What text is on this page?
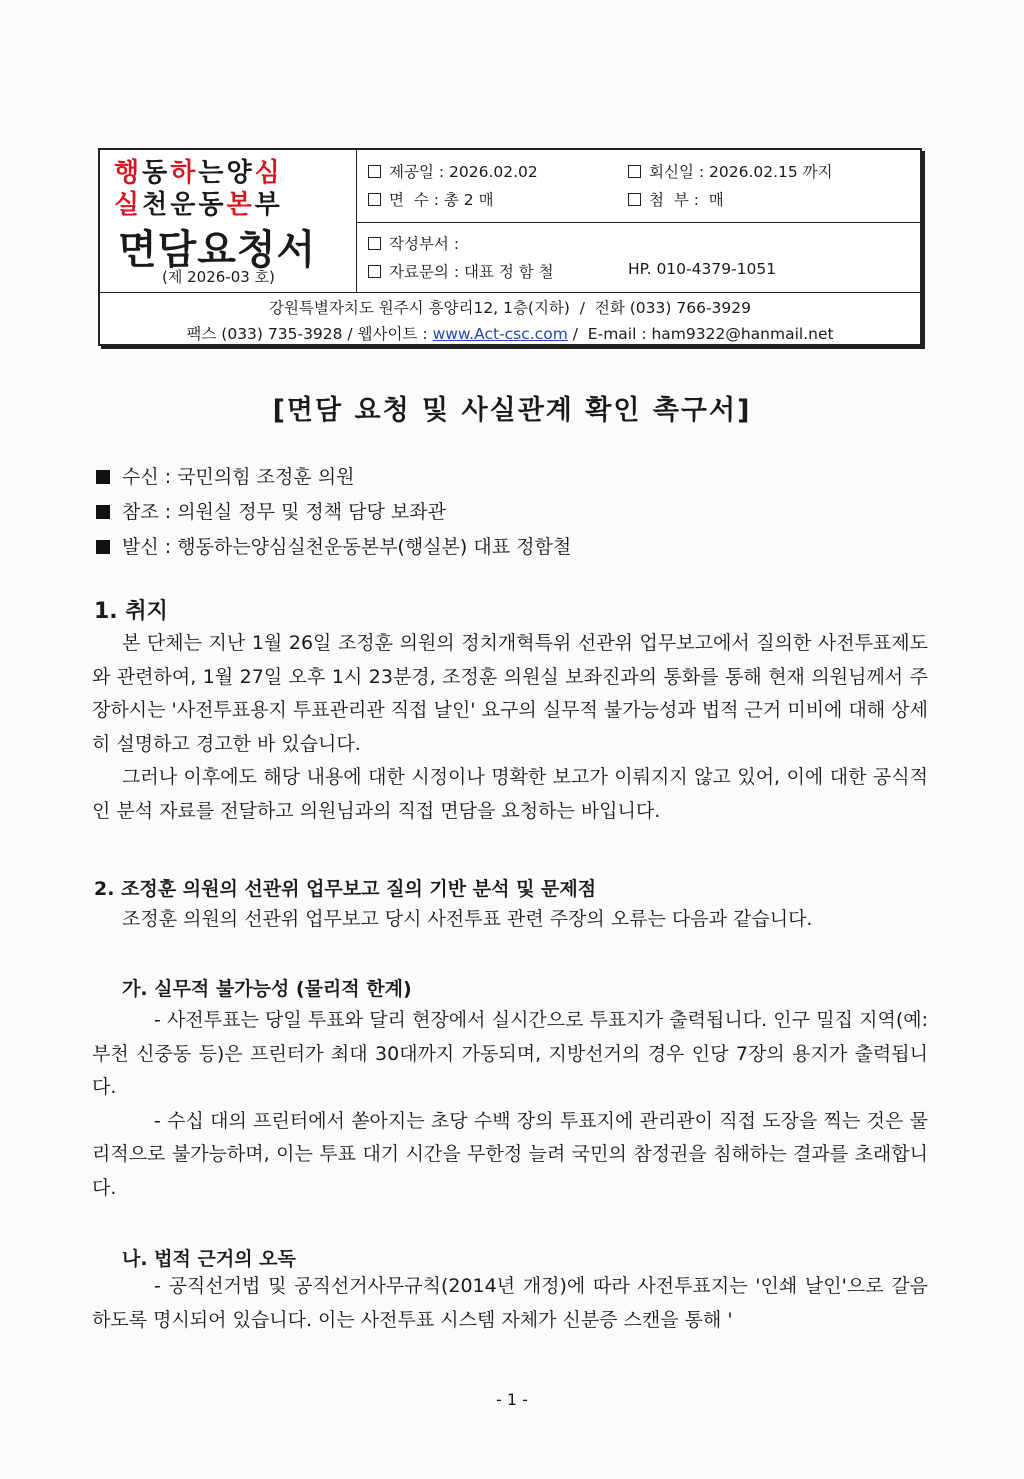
행동하는양심
실천운동본부
면담요청서
(제 2026-03 호)
제공일 : 2026.02.02	회신일 : 2026.02.15 까지
면  수 : 총 2 매	첨  부 :  매
작성부서 :
자료문의 : 대표 정 함 철	HP. 010-4379-1051
강원특별자치도 원주시 흥양리12, 1층(지하)  /  전화 (033) 766-3929
팩스 (033) 735-3928 / 웹사이트 : www.Act-csc.com /  E-mail : ham9322@hanmail.net
[면담 요청 및 사실관계 확인 촉구서]
수신 : 국민의힘 조정훈 의원
참조 : 의원실 정무 및 정책 담당 보좌관
발신 : 행동하는양심실천운동본부(행실본) 대표 정함철
1. 취지

본 단체는 지난 1월 26일 조정훈 의원의 정치개혁특위 선관위 업무보고에서 질의한 사전투표제도와 관련하여, 1월 27일 오후 1시 23분경, 조정훈 의원실 보좌진과의 통화를 통해 현재 의원님께서 주장하시는 '사전투표용지 투표관리관 직접 날인' 요구의 실무적 불가능성과 법적 근거 미비에 대해 상세히 설명하고 경고한 바 있습니다.

그러나 이후에도 해당 내용에 대한 시정이나 명확한 보고가 이뤄지지 않고 있어, 이에 대한 공식적인 분석 자료를 전달하고 의원님과의 직접 면담을 요청하는 바입니다.

2. 조정훈 의원의 선관위 업무보고 질의 기반 분석 및 문제점

조정훈 의원의 선관위 업무보고 당시 사전투표 관련 주장의 오류는 다음과 같습니다.

가. 실무적 불가능성 (물리적 한계)

- 사전투표는 당일 투표와 달리 현장에서 실시간으로 투표지가 출력됩니다. 인구 밀집 지역(예: 부천 신중동 등)은 프린터가 최대 30대까지 가동되며, 지방선거의 경우 인당 7장의 용지가 출력됩니다.

- 수십 대의 프린터에서 쏟아지는 초당 수백 장의 투표지에 관리관이 직접 도장을 찍는 것은 물리적으로 불가능하며, 이는 투표 대기 시간을 무한정 늘려 국민의 참정권을 침해하는 결과를 초래합니다.

나. 법적 근거의 오독

- 공직선거법 및 공직선거사무규칙(2014년 개정)에 따라 사전투표지는 '인쇄 날인'으로 갈음하도록 명시되어 있습니다. 이는 사전투표 시스템 자체가 신분증 스캔을 통해 '

- 1 -
